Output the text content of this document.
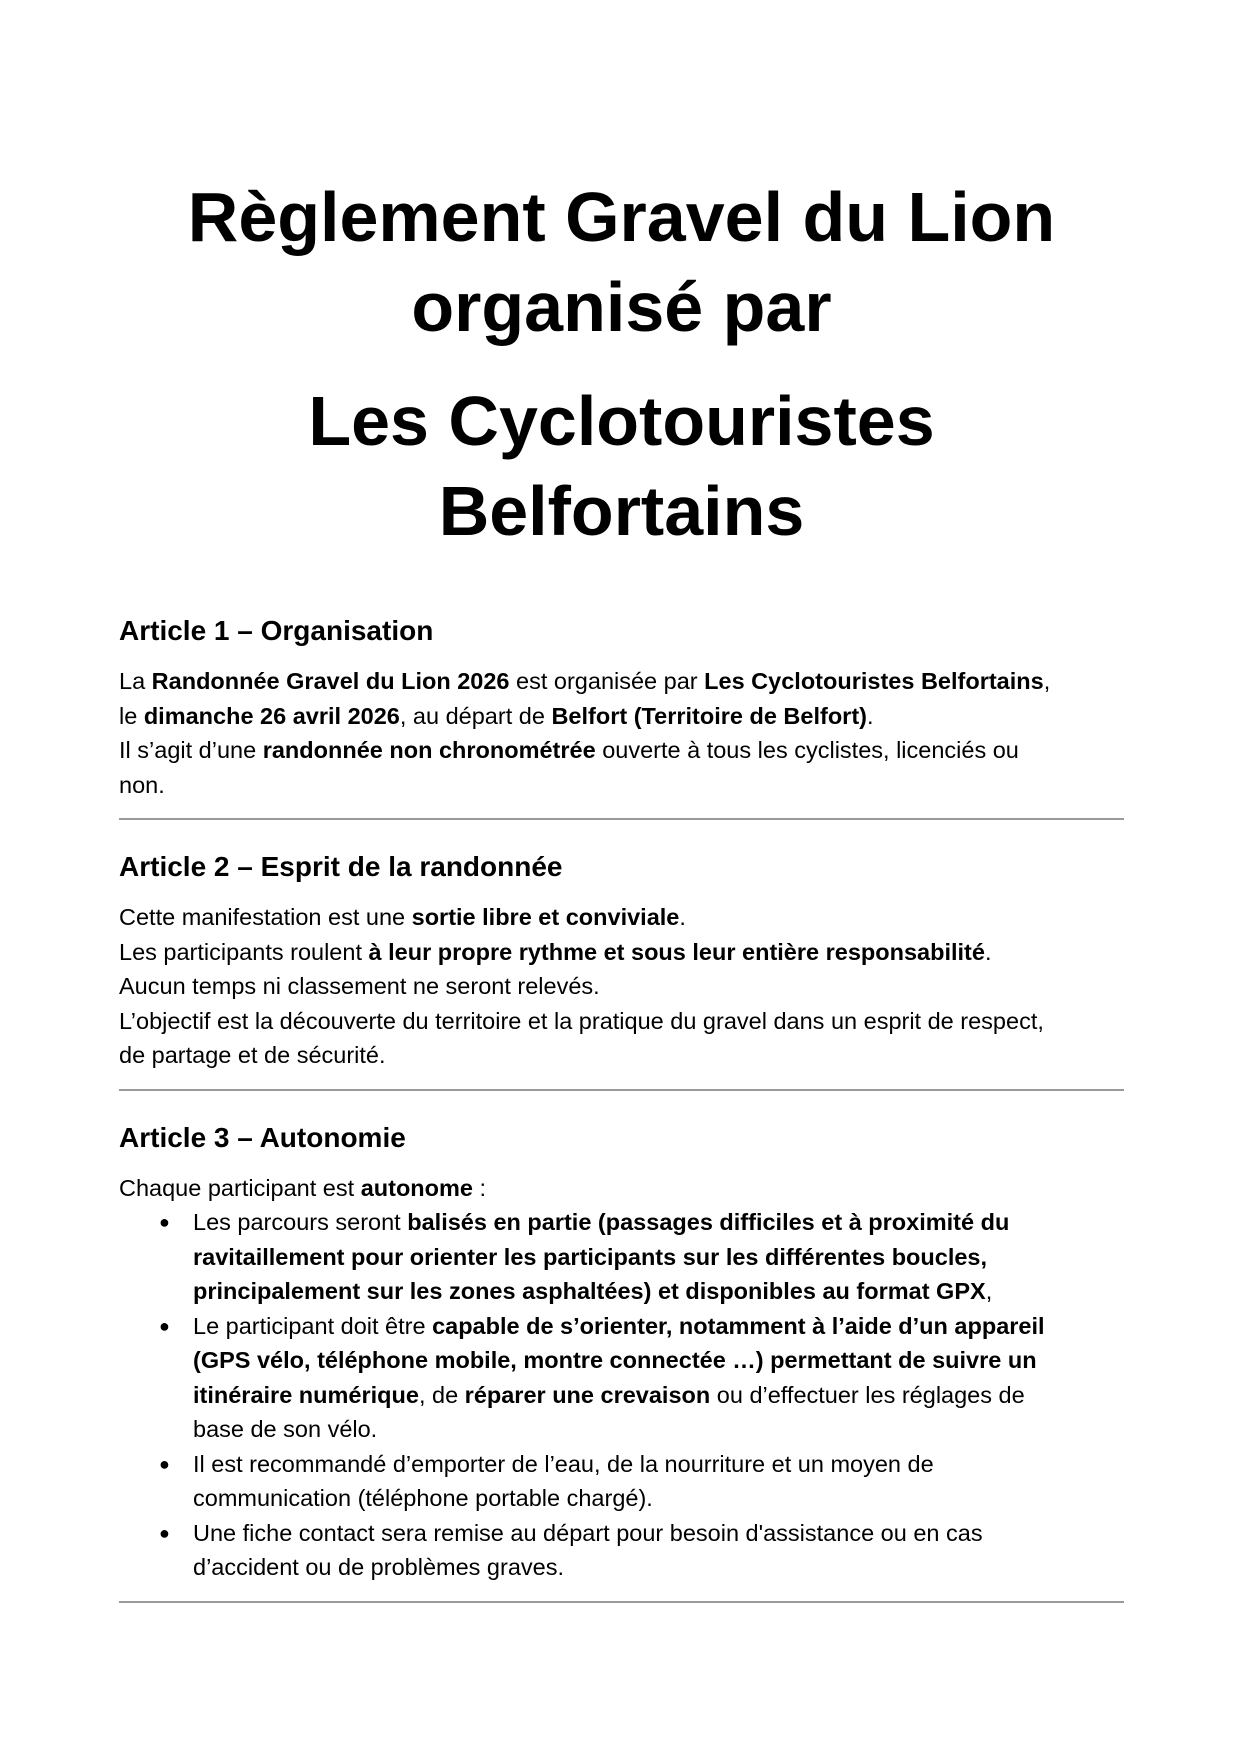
Règlement Gravel du Lion
organisé par
Les Cyclotouristes
Belfortains
Article 1 – Organisation

La Randonnée Gravel du Lion 2026 est organisée par Les Cyclotouristes Belfortains,
le dimanche 26 avril 2026, au départ de Belfort (Territoire de Belfort).

Il s’agit d’une randonnée non chronométrée ouverte à tous les cyclistes, licenciés ou
non.

Article 2 – Esprit de la randonnée

Cette manifestation est une sortie libre et conviviale.

Les participants roulent à leur propre rythme et sous leur entière responsabilité.

Aucun temps ni classement ne seront relevés.

L’objectif est la découverte du territoire et la pratique du gravel dans un esprit de respect,

de partage et de sécurité.

Article 3 – Autonomie

Chaque participant est autonome :

● Les parcours seront balisés en partie (passages difficiles et à proximité du
ravitaillement pour orienter les participants sur les différentes boucles,
principalement sur les zones asphaltées) et disponibles au format GPX,
● Le participant doit être capable de s’orienter, notamment à l’aide d’un appareil
(GPS vélo, téléphone mobile, montre connectée …) permettant de suivre un
itinéraire numérique, de réparer une crevaison ou d’effectuer les réglages de
base de son vélo.
● Il est recommandé d’emporter de l’eau, de la nourriture et un moyen de
communication (téléphone portable chargé).
● Une fiche contact sera remise au départ pour besoin d'assistance ou en cas
d’accident ou de problèmes graves.
